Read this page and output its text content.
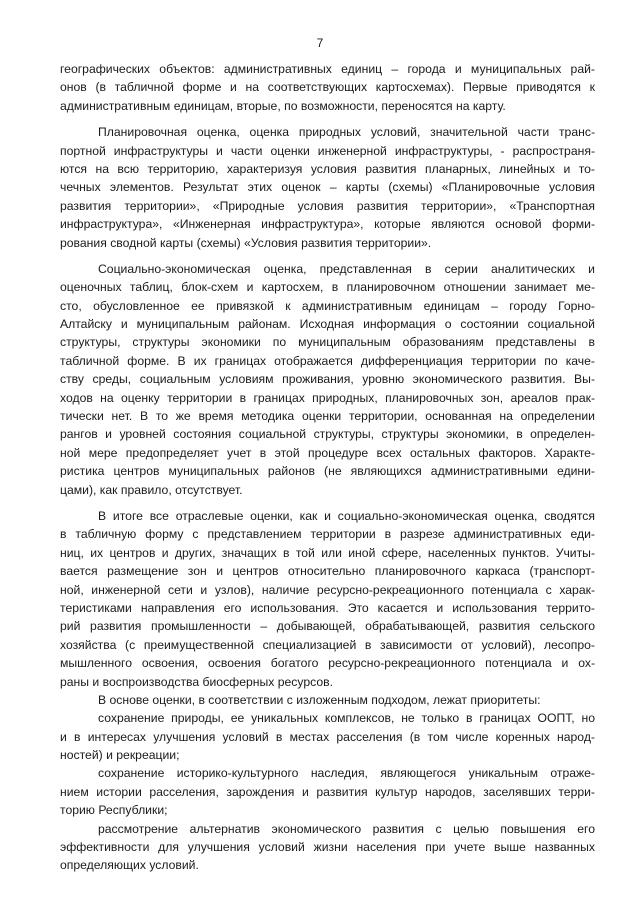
7
географических объектов: административных единиц – города и муниципальных рай-
онов (в табличной форме и на соответствующих картосхемах). Первые приводятся к
административным единицам, вторые, по возможности, переносятся на карту.
Планировочная оценка, оценка природных условий, значительной части транс-
портной инфраструктуры и части оценки инженерной инфраструктуры, - распространя-
ются на всю территорию, характеризуя условия развития планарных, линейных и то-
чечных элементов. Результат этих оценок – карты (схемы) «Планировочные условия
развития территории», «Природные условия развития территории», «Транспортная
инфраструктура», «Инженерная инфраструктура», которые являются основой форми-
рования сводной карты (схемы) «Условия развития территории».
Социально-экономическая оценка, представленная в серии аналитических и
оценочных таблиц, блок-схем и картосхем, в планировочном отношении занимает ме-
сто, обусловленное ее привязкой к административным единицам – городу Горно-
Алтайску и муниципальным районам. Исходная информация о состоянии социальной
структуры, структуры экономики по муниципальным образованиям представлены в
табличной форме. В их границах отображается дифференциация территории по каче-
ству среды, социальным условиям проживания, уровню экономического развития. Вы-
ходов на оценку территории в границах природных, планировочных зон, ареалов прак-
тически нет. В то же время методика оценки территории, основанная на определении
рангов и уровней состояния социальной структуры, структуры экономики, в определен-
ной мере предопределяет учет в этой процедуре всех остальных факторов. Характе-
ристика центров муниципальных районов (не являющихся административными едини-
цами), как правило, отсутствует.
В итоге все отраслевые оценки, как и социально-экономическая оценка, сводятся
в табличную форму с представлением территории в разрезе административных еди-
ниц, их центров и других, значащих в той или иной сфере, населенных пунктов. Учиты-
вается размещение зон и центров относительно планировочного каркаса (транспорт-
ной, инженерной сети и узлов), наличие ресурсно-рекреационного потенциала с харак-
теристиками направления его использования. Это касается и использования террито-
рий развития промышленности – добывающей, обрабатывающей, развития сельского
хозяйства (с преимущественной специализацией в зависимости от условий), лесопро-
мышленного освоения, освоения богатого ресурсно-рекреационного потенциала и ох-
раны и воспроизводства биосферных ресурсов.
В основе оценки, в соответствии с изложенным подходом, лежат приоритеты:
сохранение природы, ее уникальных комплексов, не только в границах ООПТ, но
и в интересах улучшения условий в местах расселения (в том числе коренных народ-
ностей) и рекреации;
сохранение историко-культурного наследия, являющегося уникальным отраже-
нием истории расселения, зарождения и развития культур народов, заселявших терри-
торию Республики;
рассмотрение альтернатив экономического развития с целью повышения его
эффективности для улучшения условий жизни населения при учете выше названных
определяющих условий.
